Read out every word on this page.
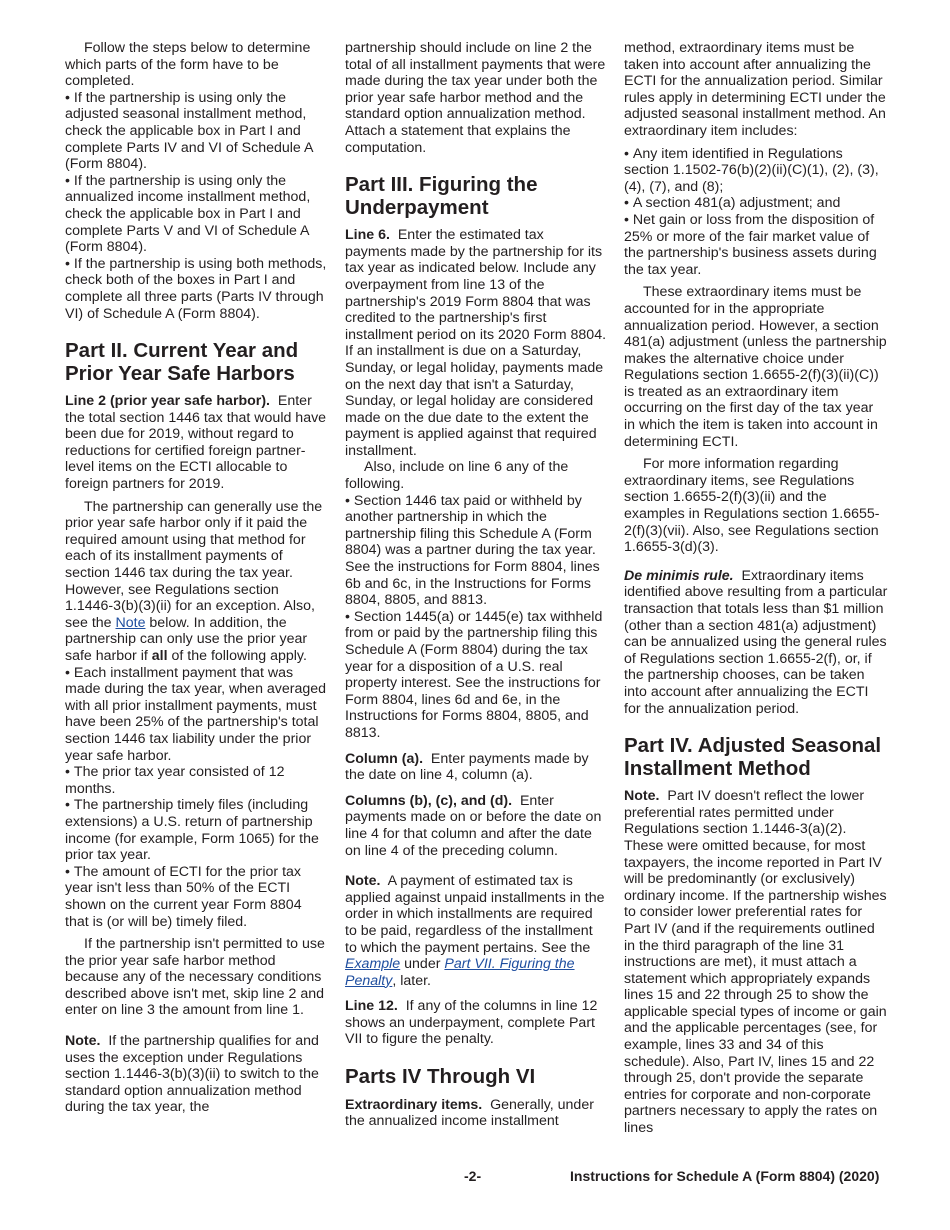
Follow the steps below to determine which parts of the form have to be completed.

• If the partnership is using only the adjusted seasonal installment method, check the applicable box in Part I and complete Parts IV and VI of Schedule A (Form 8804).

• If the partnership is using only the annualized income installment method, check the applicable box in Part I and complete Parts V and VI of Schedule A (Form 8804).

• If the partnership is using both methods, check both of the boxes in Part I and complete all three parts (Parts IV through VI) of Schedule A (Form 8804).

Part II. Current Year and Prior Year Safe Harbors

Line 2 (prior year safe harbor). Enter the total section 1446 tax that would have been due for 2019, without regard to reductions for certified foreign partner-level items on the ECTI allocable to foreign partners for 2019.

The partnership can generally use the prior year safe harbor only if it paid the required amount using that method for each of its installment payments of section 1446 tax during the tax year. However, see Regulations section 1.1446-3(b)(3)(ii) for an exception. Also, see the Note below. In addition, the partnership can only use the prior year safe harbor if all of the following apply.

• Each installment payment that was made during the tax year, when averaged with all prior installment payments, must have been 25% of the partnership's total section 1446 tax liability under the prior year safe harbor.

• The prior tax year consisted of 12 months.

• The partnership timely files (including extensions) a U.S. return of partnership income (for example, Form 1065) for the prior tax year.

• The amount of ECTI for the prior tax year isn't less than 50% of the ECTI shown on the current year Form 8804 that is (or will be) timely filed.

If the partnership isn't permitted to use the prior year safe harbor method because any of the necessary conditions described above isn't met, skip line 2 and enter on line 3 the amount from line 1.

Note. If the partnership qualifies for and uses the exception under Regulations section 1.1446-3(b)(3)(ii) to switch to the standard option annualization method during the tax year, the

partnership should include on line 2 the total of all installment payments that were made during the tax year under both the prior year safe harbor method and the standard option annualization method. Attach a statement that explains the computation.

Part III. Figuring the Underpayment

Line 6. Enter the estimated tax payments made by the partnership for its tax year as indicated below. Include any overpayment from line 13 of the partnership's 2019 Form 8804 that was credited to the partnership's first installment period on its 2020 Form 8804. If an installment is due on a Saturday, Sunday, or legal holiday, payments made on the next day that isn't a Saturday, Sunday, or legal holiday are considered made on the due date to the extent the payment is applied against that required installment.

Also, include on line 6 any of the following.

• Section 1446 tax paid or withheld by another partnership in which the partnership filing this Schedule A (Form 8804) was a partner during the tax year. See the instructions for Form 8804, lines 6b and 6c, in the Instructions for Forms 8804, 8805, and 8813.

• Section 1445(a) or 1445(e) tax withheld from or paid by the partnership filing this Schedule A (Form 8804) during the tax year for a disposition of a U.S. real property interest. See the instructions for Form 8804, lines 6d and 6e, in the Instructions for Forms 8804, 8805, and 8813.

Column (a). Enter payments made by the date on line 4, column (a).

Columns (b), (c), and (d). Enter payments made on or before the date on line 4 for that column and after the date on line 4 of the preceding column.

Note. A payment of estimated tax is applied against unpaid installments in the order in which installments are required to be paid, regardless of the installment to which the payment pertains. See the Example under Part VII. Figuring the Penalty, later.

Line 12. If any of the columns in line 12 shows an underpayment, complete Part VII to figure the penalty.

Parts IV Through VI

Extraordinary items. Generally, under the annualized income installment

method, extraordinary items must be taken into account after annualizing the ECTI for the annualization period. Similar rules apply in determining ECTI under the adjusted seasonal installment method. An extraordinary item includes:

• Any item identified in Regulations section 1.1502-76(b)(2)(ii)(C)(1), (2), (3), (4), (7), and (8);

• A section 481(a) adjustment; and

• Net gain or loss from the disposition of 25% or more of the fair market value of the partnership's business assets during the tax year.

These extraordinary items must be accounted for in the appropriate annualization period. However, a section 481(a) adjustment (unless the partnership makes the alternative choice under Regulations section 1.6655-2(f)(3)(ii)(C)) is treated as an extraordinary item occurring on the first day of the tax year in which the item is taken into account in determining ECTI.

For more information regarding extraordinary items, see Regulations section 1.6655-2(f)(3)(ii) and the examples in Regulations section 1.6655-2(f)(3)(vii). Also, see Regulations section 1.6655-3(d)(3).

De minimis rule. Extraordinary items identified above resulting from a particular transaction that totals less than $1 million (other than a section 481(a) adjustment) can be annualized using the general rules of Regulations section 1.6655-2(f), or, if the partnership chooses, can be taken into account after annualizing the ECTI for the annualization period.

Part IV. Adjusted Seasonal Installment Method

Note. Part IV doesn't reflect the lower preferential rates permitted under Regulations section 1.1446-3(a)(2). These were omitted because, for most taxpayers, the income reported in Part IV will be predominantly (or exclusively) ordinary income. If the partnership wishes to consider lower preferential rates for Part IV (and if the requirements outlined in the third paragraph of the line 31 instructions are met), it must attach a statement which appropriately expands lines 15 and 22 through 25 to show the applicable special types of income or gain and the applicable percentages (see, for example, lines 33 and 34 of this schedule). Also, Part IV, lines 15 and 22 through 25, don't provide the separate entries for corporate and non-corporate partners necessary to apply the rates on lines

-2-	Instructions for Schedule A (Form 8804) (2020)
